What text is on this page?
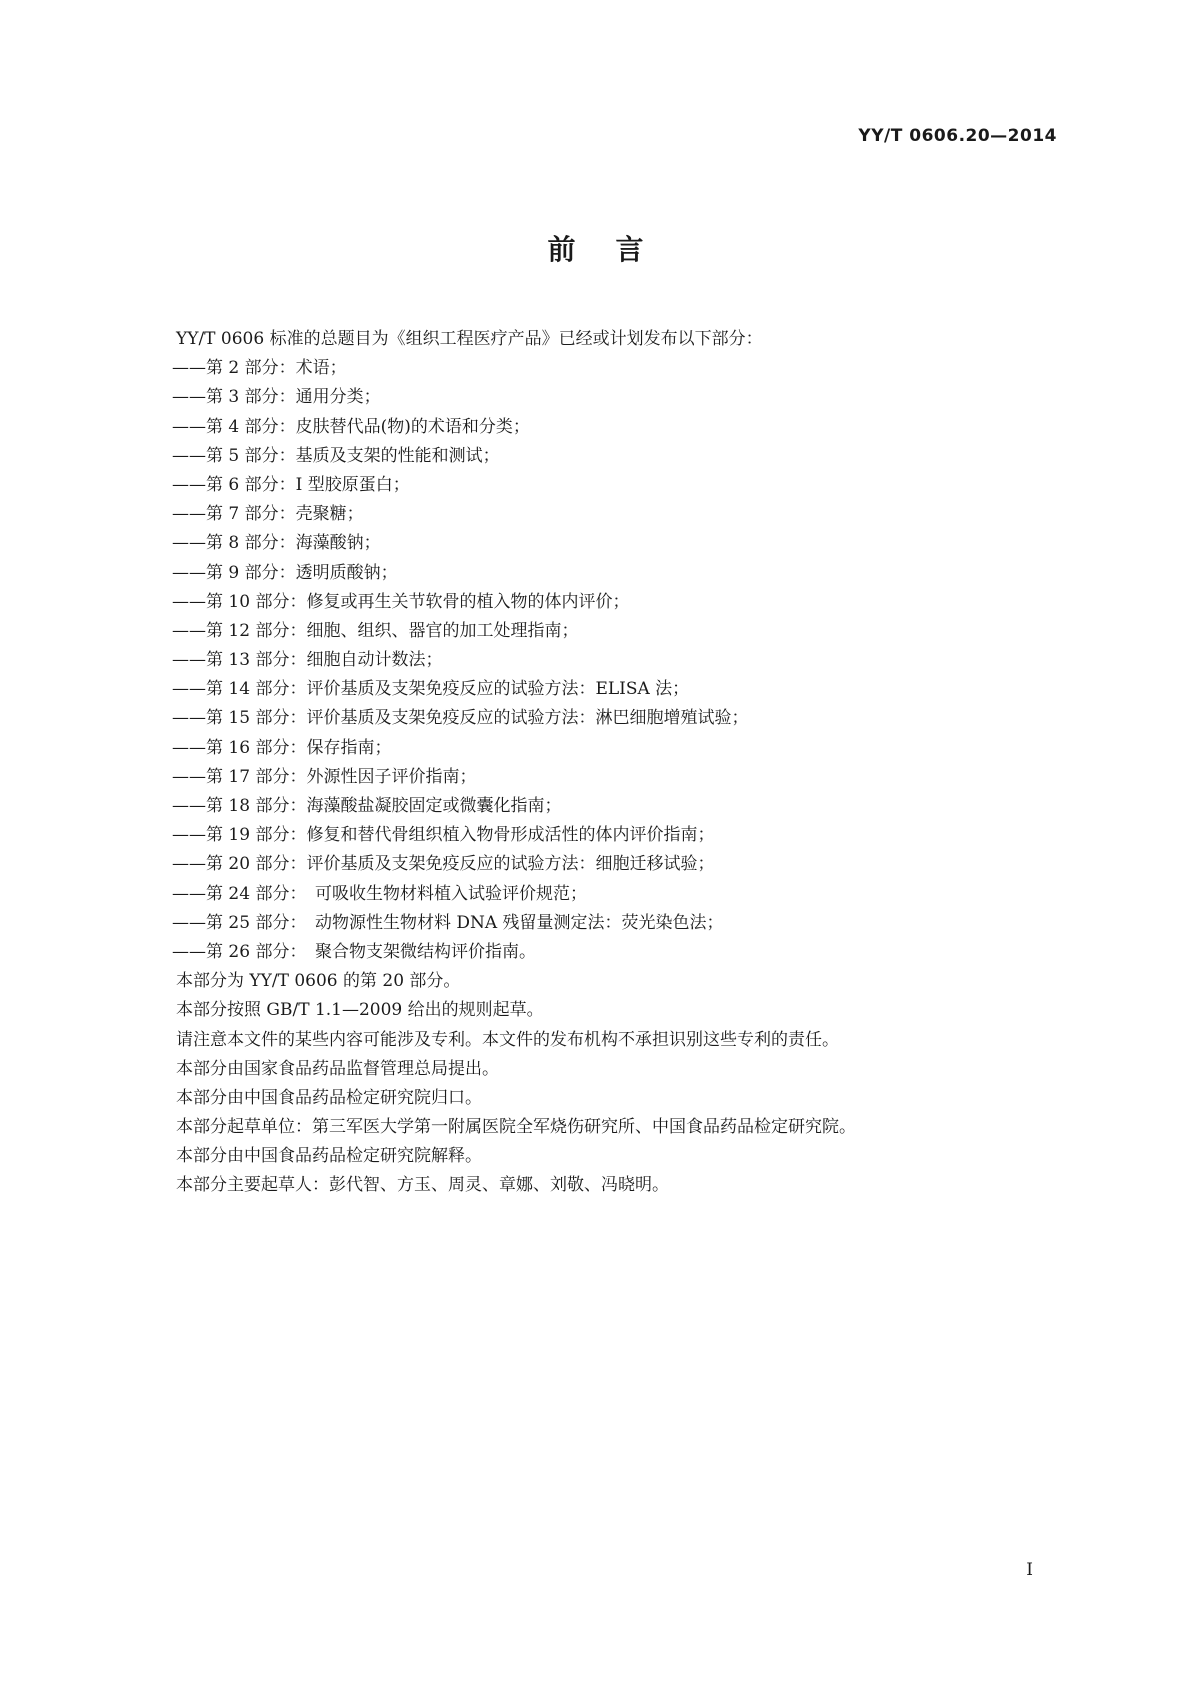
YY/T 0606.20—2014
前言
YY/T 0606 标准的总题目为《组织工程医疗产品》已经或计划发布以下部分：
——第 2 部分：术语；
——第 3 部分：通用分类；
——第 4 部分：皮肤替代品(物)的术语和分类；
——第 5 部分：基质及支架的性能和测试；
——第 6 部分：I 型胶原蛋白；
——第 7 部分：壳聚糖；
——第 8 部分：海藻酸钠；
——第 9 部分：透明质酸钠；
——第 10 部分：修复或再生关节软骨的植入物的体内评价；
——第 12 部分：细胞、组织、器官的加工处理指南；
——第 13 部分：细胞自动计数法；
——第 14 部分：评价基质及支架免疫反应的试验方法：ELISA 法；
——第 15 部分：评价基质及支架免疫反应的试验方法：淋巴细胞增殖试验；
——第 16 部分：保存指南；
——第 17 部分：外源性因子评价指南；
——第 18 部分：海藻酸盐凝胶固定或微囊化指南；
——第 19 部分：修复和替代骨组织植入物骨形成活性的体内评价指南；
——第 20 部分：评价基质及支架免疫反应的试验方法：细胞迁移试验；
——第 24 部分：　可吸收生物材料植入试验评价规范；
——第 25 部分：　动物源性生物材料 DNA 残留量测定法：荧光染色法；
——第 26 部分：　聚合物支架微结构评价指南。
本部分为 YY/T 0606 的第 20 部分。
本部分按照 GB/T 1.1—2009 给出的规则起草。
请注意本文件的某些内容可能涉及专利。本文件的发布机构不承担识别这些专利的责任。
本部分由国家食品药品监督管理总局提出。
本部分由中国食品药品检定研究院归口。
本部分起草单位：第三军医大学第一附属医院全军烧伤研究所、中国食品药品检定研究院。
本部分由中国食品药品检定研究院解释。
本部分主要起草人：彭代智、方玉、周灵、章娜、刘敬、冯晓明。
I
